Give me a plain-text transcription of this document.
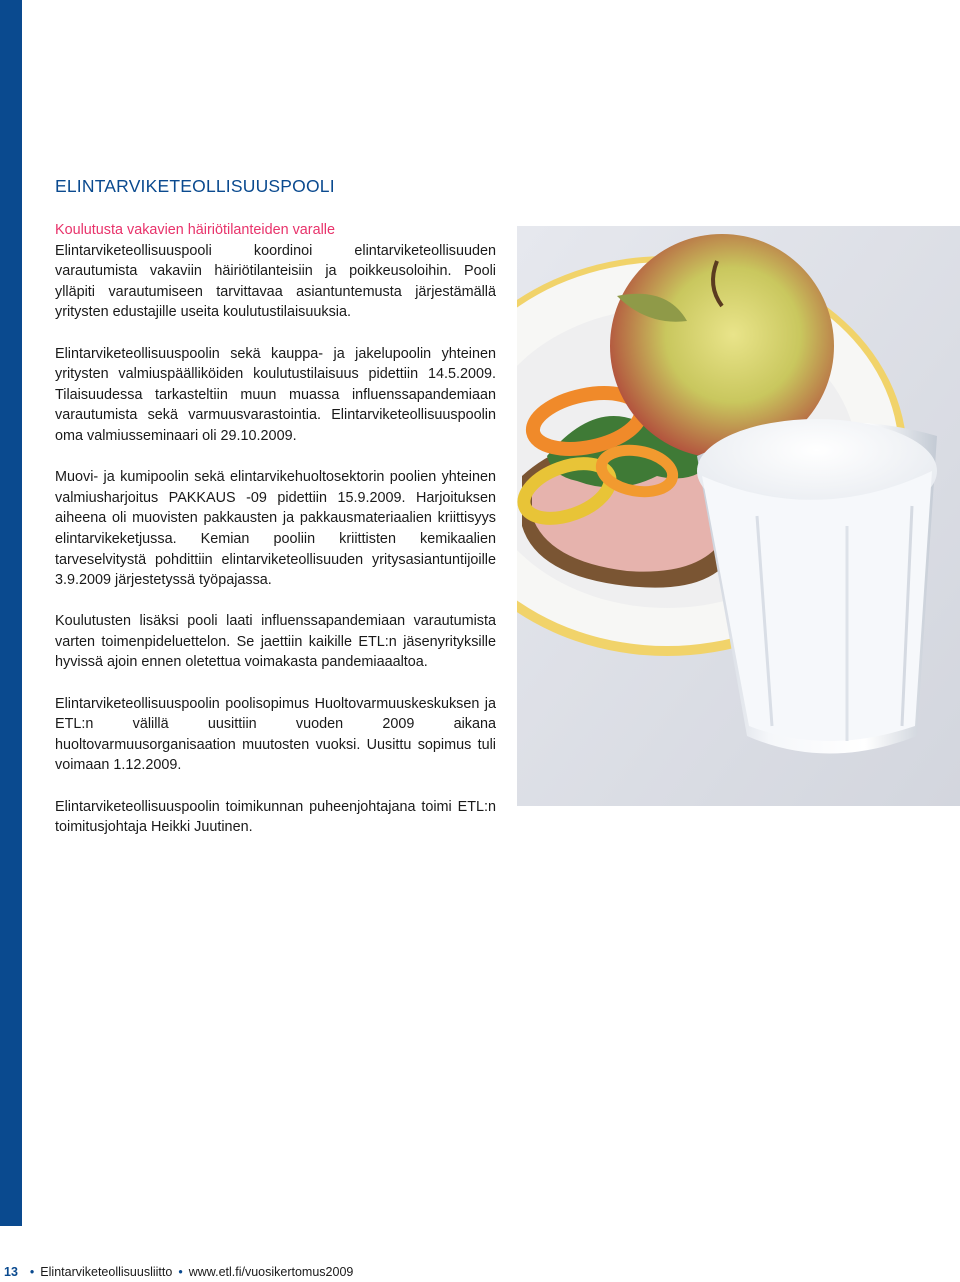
ELINTARVIKETEOLLISUUSPOOLI

Koulutusta vakavien häiriötilanteiden varalle
Elintarviketeollisuuspooli koordinoi elintarviketeollisuuden varautumista vakaviin häiriötilanteisiin ja poikkeusoloihin. Pooli ylläpiti varautumiseen tarvittavaa asiantuntemusta järjestämällä yritysten edustajille useita koulutustilaisuuksia.

Elintarviketeollisuuspoolin sekä kauppa- ja jakelupoolin yhteinen yritysten valmiuspäälliköiden koulutustilaisuus pidettiin 14.5.2009. Tilaisuudessa tarkasteltiin muun muassa influenssapandemiaan varautumista sekä varmuusvarastointia. Elintarviketeollisuuspoolin oma valmiusseminaari oli 29.10.2009.

Muovi- ja kumipoolin sekä elintarvikehuoltosektorin poolien yhteinen valmiusharjoitus PAKKAUS -09 pidettiin 15.9.2009. Harjoituksen aiheena oli muovisten pakkausten ja pakkausmateriaalien kriittisyys elintarvikeketjussa. Kemian pooliin kriittisten kemikaalien tarveselvitystä pohdittiin elintarviketeollisuuden yritysasiantuntijoille 3.9.2009 järjestetyssä työpajassa.

Koulutusten lisäksi pooli laati influenssapandemiaan varautumista varten toimenpideluettelon. Se jaettiin kaikille ETL:n jäsenyrityksille hyvissä ajoin ennen oletettua voimakasta pandemiaaaltoa.

Elintarviketeollisuuspoolin poolisopimus Huoltovarmuuskeskuksen ja ETL:n välillä uusittiin vuoden 2009 aikana huoltovarmuusorganisaation muutosten vuoksi. Uusittu sopimus tuli voimaan 1.12.2009.

Elintarviketeollisuuspoolin toimikunnan puheenjohtajana toimi ETL:n toimitusjohtaja Heikki Juutinen.

13 • Elintarviketeollisuusliitto • www.etl.fi/vuosikertomus2009
